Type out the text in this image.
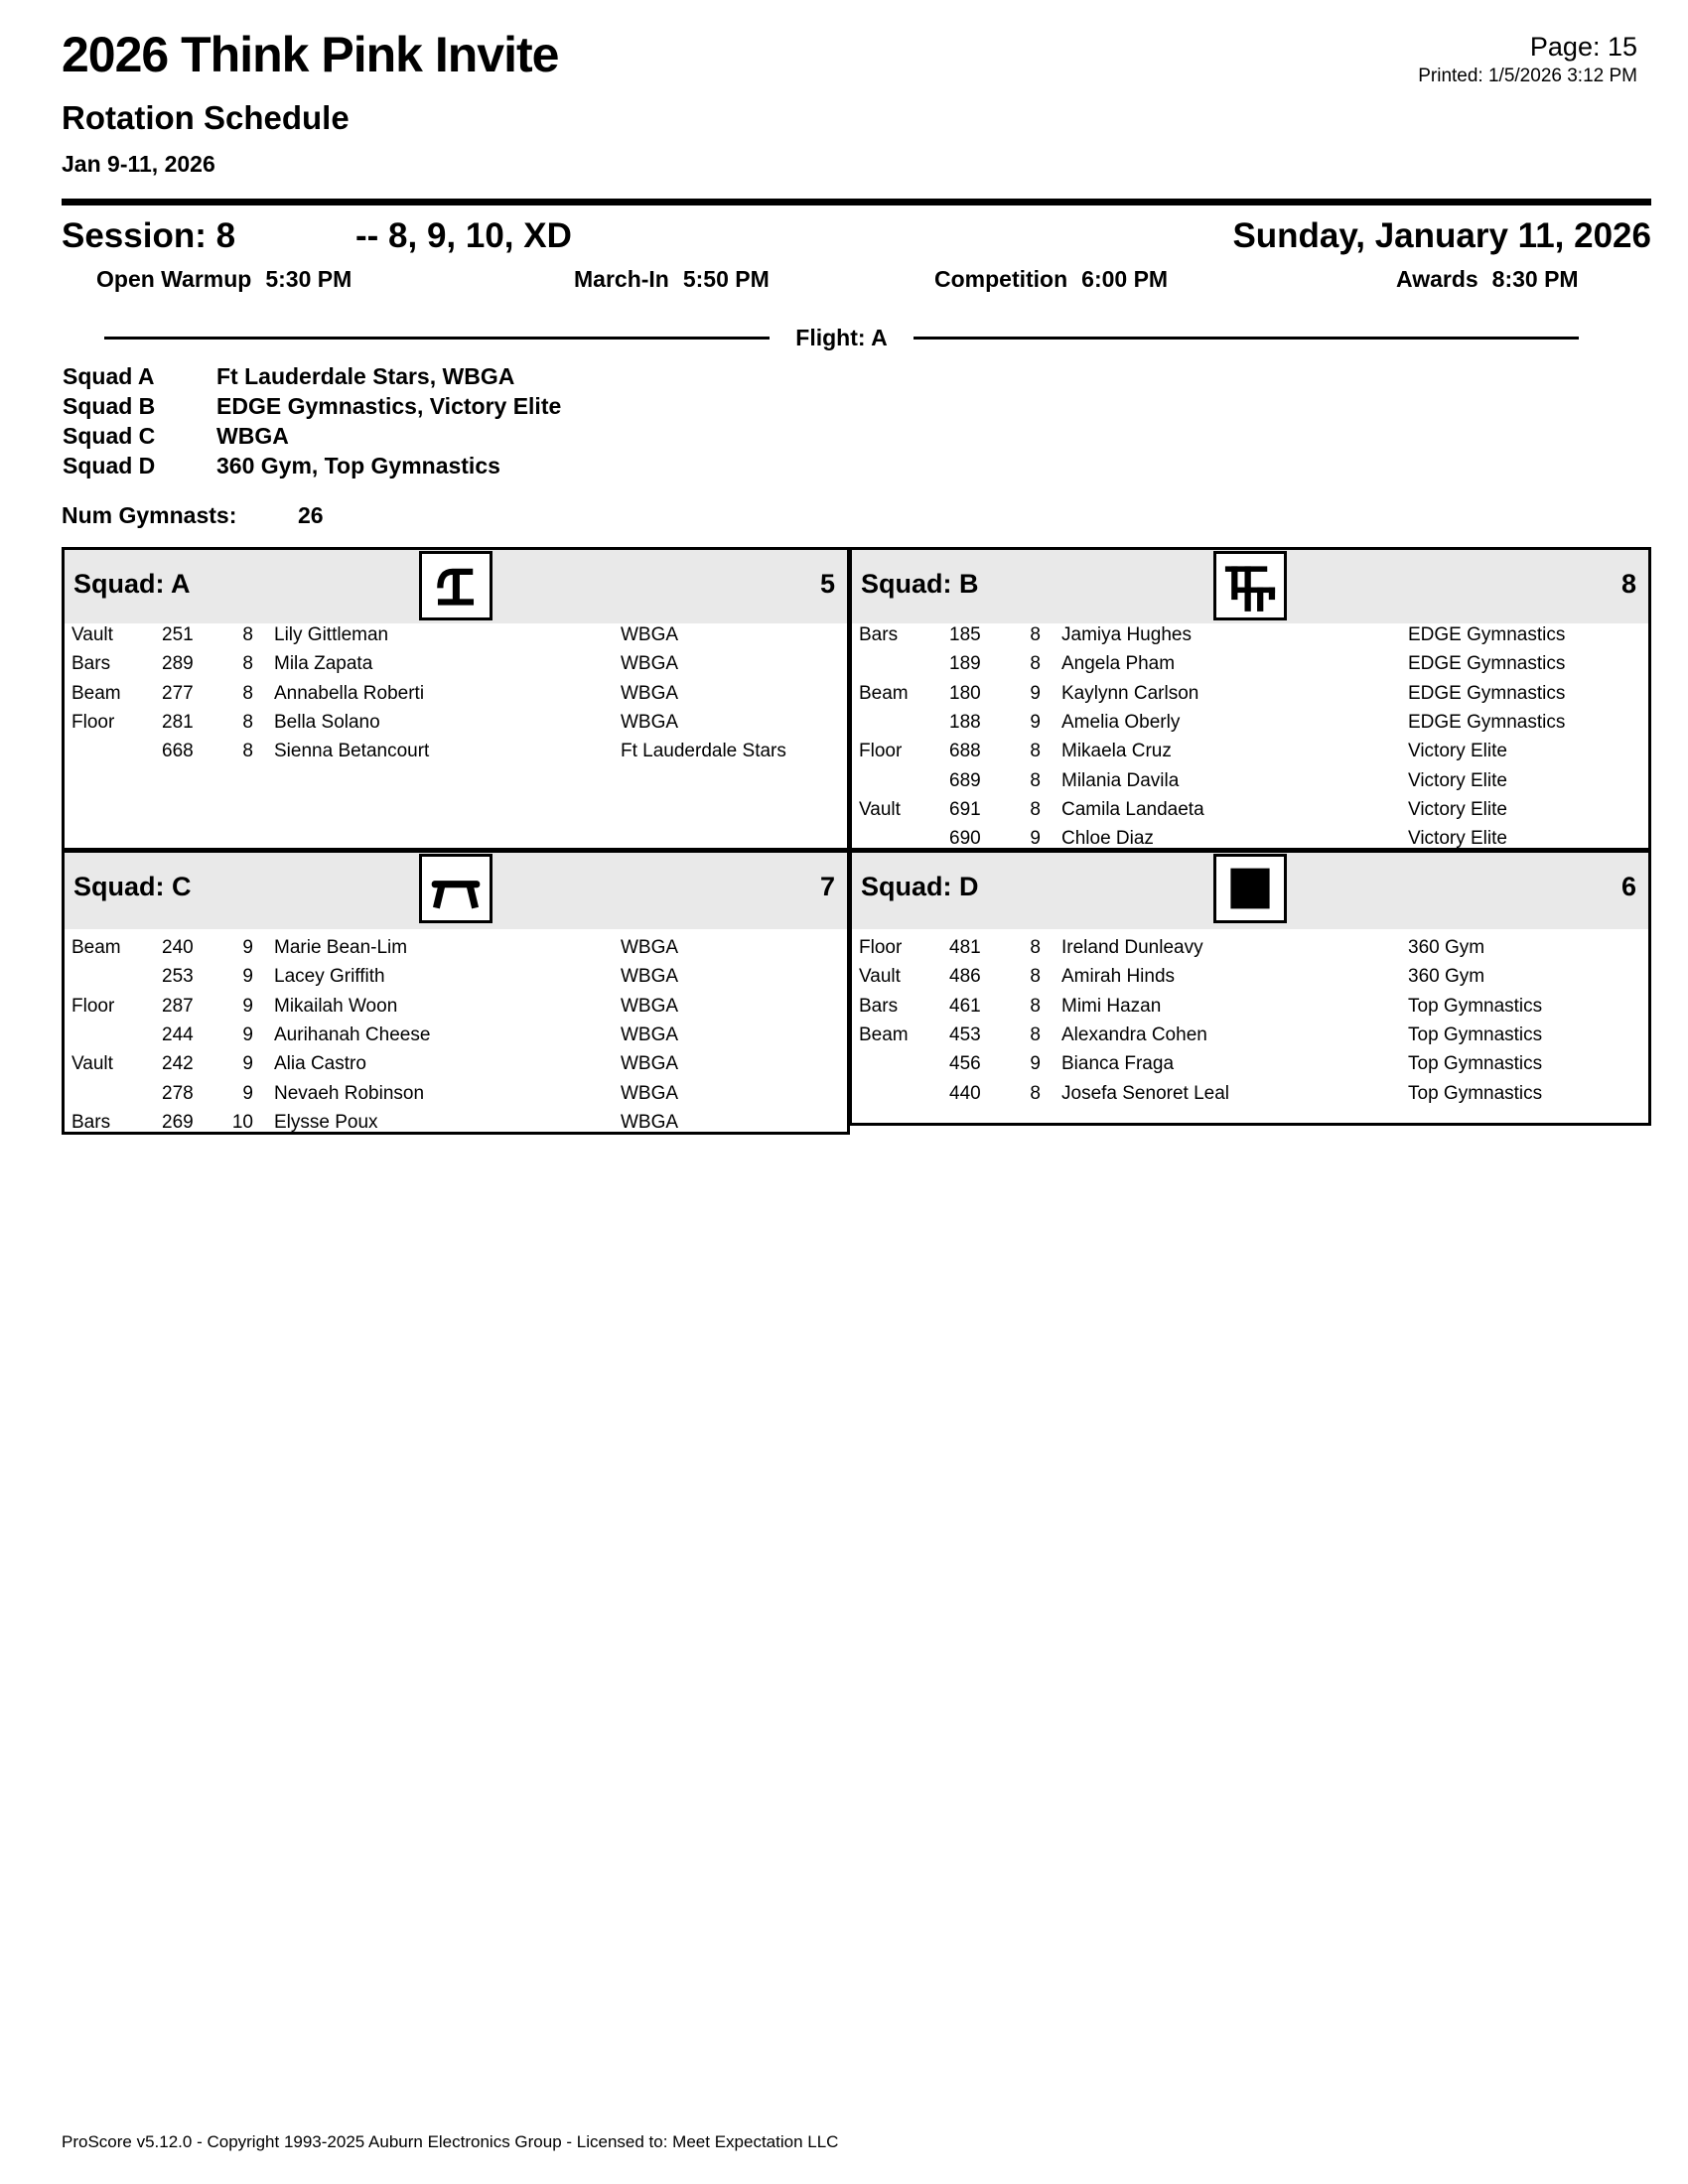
2026 Think Pink Invite
Rotation Schedule
Jan 9-11, 2026
Page: 15
Printed: 1/5/2026 3:12 PM
Session: 8	-- 8, 9, 10, XD	Sunday, January 11, 2026
Open Warmup 5:30 PM	March-In 5:50 PM	Competition 6:00 PM	Awards 8:30 PM
Flight: A
Squad A	Ft Lauderdale Stars, WBGA
Squad B	EDGE Gymnastics, Victory Elite
Squad C	WBGA
Squad D	360 Gym, Top Gymnastics
Num Gymnasts:	26
Squad: A	5
Vault	251	8 Lily Gittleman	WBGA
Bars	289	8 Mila Zapata	WBGA
Beam 277	8 Annabella Roberti	WBGA
Floor	281	8 Bella Solano	WBGA
668	8 Sienna Betancourt	Ft Lauderdale Stars
Squad: B	8
Bars	185	8 Jamiya Hughes	EDGE Gymnastics
189	8 Angela Pham	EDGE Gymnastics
Beam 180	9 Kaylynn Carlson	EDGE Gymnastics
188	9 Amelia Oberly	EDGE Gymnastics
Floor	688	8 Mikaela Cruz	Victory Elite
689	8 Milania Davila	Victory Elite
Vault	691	8 Camila Landaeta	Victory Elite
690	9 Chloe Diaz	Victory Elite
Squad: C	7
Beam 240	9 Marie Bean-Lim	WBGA
253	9 Lacey Griffith	WBGA
Floor	287	9 Mikailah Woon	WBGA
244	9 Aurihanah Cheese	WBGA
Vault	242	9 Alia Castro	WBGA
278	9 Nevaeh Robinson	WBGA
Bars	269	10 Elysse Poux	WBGA
Squad: D	6
Floor	481	8 Ireland Dunleavy	360 Gym
Vault	486	8 Amirah Hinds	360 Gym
Bars	461	8 Mimi Hazan	Top Gymnastics
Beam 453	8 Alexandra Cohen	Top Gymnastics
456	9 Bianca Fraga	Top Gymnastics
440	8 Josefa Senoret Leal	Top Gymnastics
ProScore v5.12.0 - Copyright 1993-2025 Auburn Electronics Group - Licensed to: Meet Expectation LLC
